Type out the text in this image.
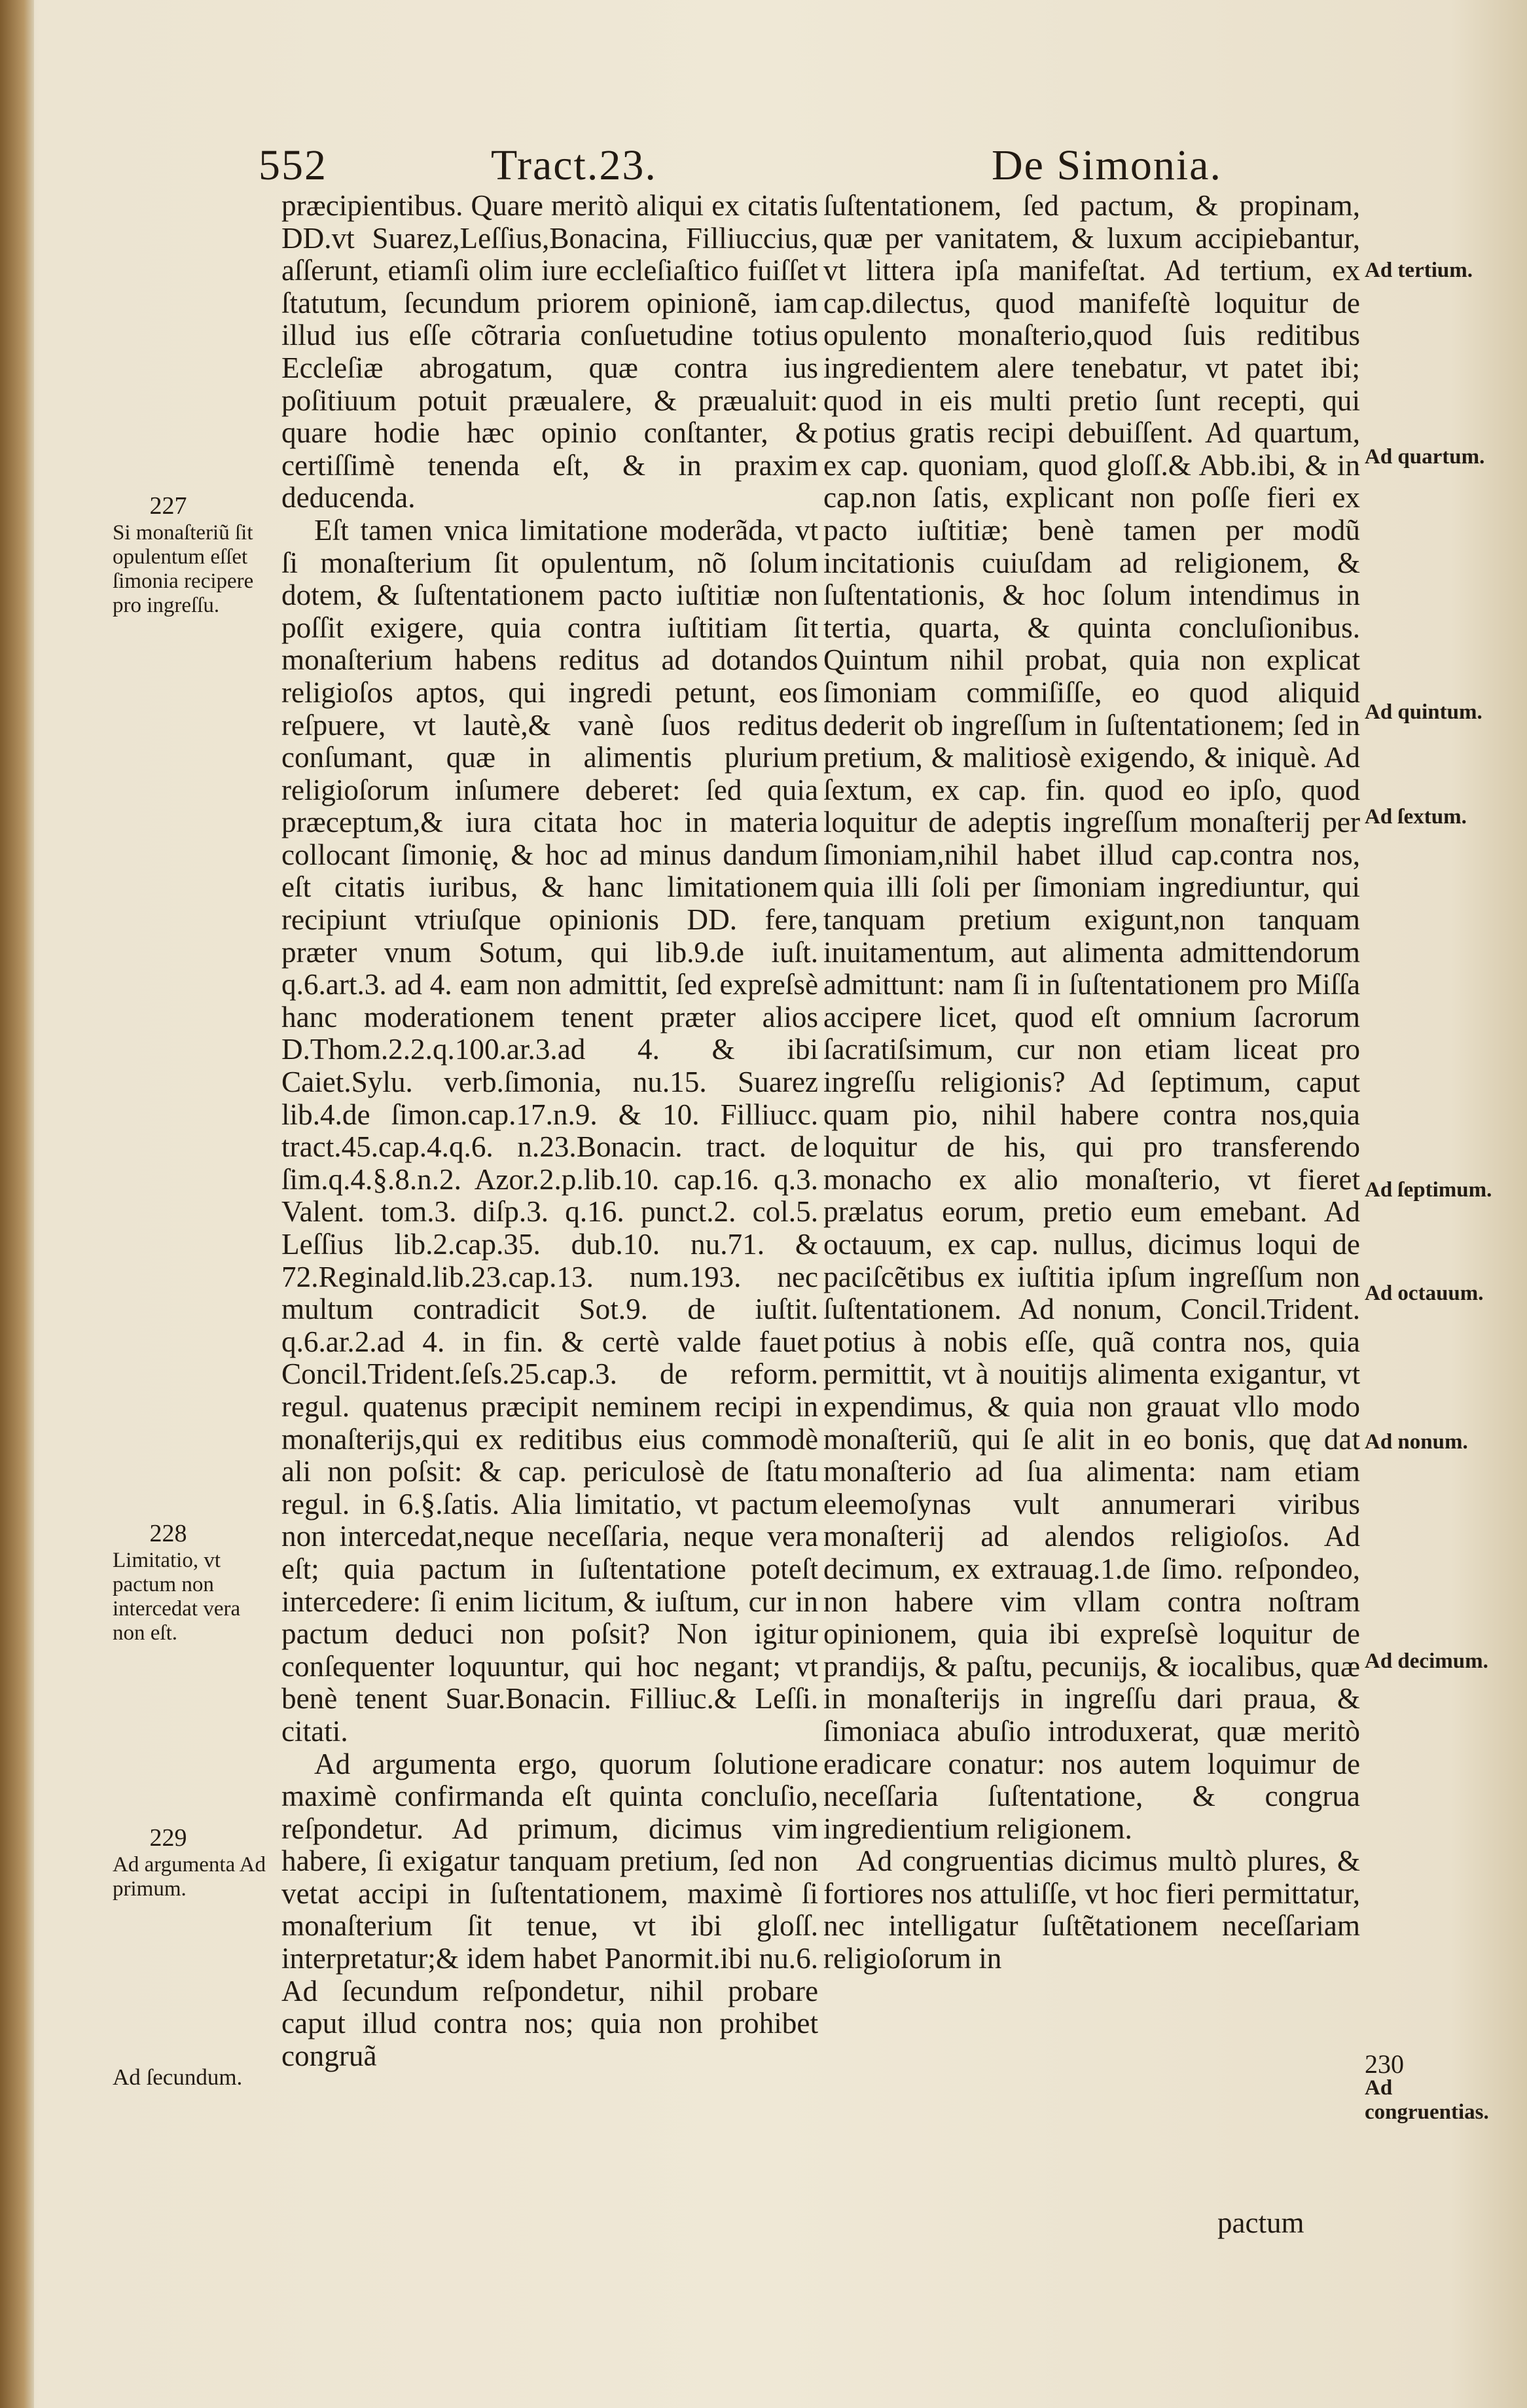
552	Tract.23.	De Simonia.

præcipientibus. Quare meritò aliqui ex citatis DD.vt Suarez,Leſſius,Bonacina, Filliuccius, aſſerunt, etiamſi olim iure eccleſiaſtico fuiſſet ſtatutum, ſecundum priorem opinionẽ, iam illud ius eſſe cõtraria conſuetudine totius Eccleſiæ abrogatum, quæ contra ius poſitiuum potuit præualere, & præualuit: quare hodie hæc opinio conſtanter, & certiſſimè tenenda eſt, & in praxim deducenda.

Eſt tamen vnica limitatione moderãda, vt ſi monaſterium ſit opulentum, nõ ſolum dotem, & ſuſtentationem pacto iuſtitiæ non poſſit exigere, quia contra iuſtitiam ſit monaſterium habens reditus ad dotandos religioſos aptos, qui ingredi petunt, eos reſpuere, vt lautè,& vanè ſuos reditus conſumant, quæ in alimentis plurium religioſorum inſumere deberet: ſed quia præceptum,& iura citata hoc in materia collocant ſimonię, & hoc ad minus dandum eſt citatis iuribus, & hanc limitationem recipiunt vtriuſque opinionis DD. fere, præter vnum Sotum, qui lib.9.de iuſt. q.6.art.3. ad 4. eam non admittit, ſed expreſsè hanc moderationem tenent præter alios D.Thom.2.2.q.100.ar.3.ad 4. & ibi Caiet.Sylu. verb.ſimonia, nu.15. Suarez lib.4.de ſimon.cap.17.n.9. & 10. Filliucc. tract.45.cap.4.q.6. n.23.Bonacin. tract. de ſim.q.4.§.8.n.2. Azor.2.p.lib.10. cap.16. q.3. Valent. tom.3. diſp.3. q.16. punct.2. col.5. Leſſius lib.2.cap.35. dub.10. nu.71. & 72.Reginald.lib.23.cap.13. num.193. nec multum contradicit Sot.9. de iuſtit. q.6.ar.2.ad 4. in fin. & certè valde fauet Concil.Trident.ſeſs.25.cap.3. de reform. regul. quatenus præcipit neminem recipi in monaſterijs,qui ex reditibus eius commodè ali non poſsit: & cap. periculosè de ſtatu regul. in 6.§.ſatis. Alia limitatio, vt pactum non intercedat,neque neceſſaria, neque vera eſt; quia pactum in ſuſtentatione poteſt intercedere: ſi enim licitum, & iuſtum, cur in pactum deduci non poſsit? Non igitur conſequenter loquuntur, qui hoc negant; vt benè tenent Suar.Bonacin. Filliuc.& Leſſi. citati.

Ad argumenta ergo, quorum ſolutione maximè confirmanda eſt quinta concluſio, reſpondetur. Ad primum, dicimus vim habere, ſi exigatur tanquam pretium, ſed non vetat accipi in ſuſtentationem, maximè ſi monaſterium ſit tenue, vt ibi gloſſ. interpretatur;& idem habet Panormit.ibi nu.6. Ad ſecundum reſpondetur, nihil probare caput illud contra nos; quia non prohibet congruã

ſuſtentationem, ſed pactum, & propinam, quæ per vanitatem, & luxum accipiebantur, vt littera ipſa manifeſtat. Ad tertium, ex cap.dilectus, quod manifeſtè loquitur de opulento monaſterio,quod ſuis reditibus ingredientem alere tenebatur, vt patet ibi; quod in eis multi pretio ſunt recepti, qui potius gratis recipi debuiſſent. Ad quartum, ex cap. quoniam, quod gloſſ.& Abb.ibi, & in cap.non ſatis, explicant non poſſe fieri ex pacto iuſtitiæ; benè tamen per modũ incitationis cuiuſdam ad religionem, & ſuſtentationis, & hoc ſolum intendimus in tertia, quarta, & quinta concluſionibus. Quintum nihil probat, quia non explicat ſimoniam commiſiſſe, eo quod aliquid dederit ob ingreſſum in ſuſtentationem; ſed in pretium, & malitiosè exigendo, & iniquè. Ad ſextum, ex cap. fin. quod eo ipſo, quod loquitur de adeptis ingreſſum monaſterij per ſimoniam,nihil habet illud cap.contra nos, quia illi ſoli per ſimoniam ingrediuntur, qui tanquam pretium exigunt,non tanquam inuitamentum, aut alimenta admittendorum admittunt: nam ſi in ſuſtentationem pro Miſſa accipere licet, quod eſt omnium ſacrorum ſacratiſsimum, cur non etiam liceat pro ingreſſu religionis? Ad ſeptimum, caput quam pio, nihil habere contra nos,quia loquitur de his, qui pro transferendo monacho ex alio monaſterio, vt fieret prælatus eorum, pretio eum emebant. Ad octauum, ex cap. nullus, dicimus loqui de paciſcẽtibus ex iuſtitia ipſum ingreſſum non ſuſtentationem. Ad nonum, Concil.Trident. potius à nobis eſſe, quã contra nos, quia permittit, vt à nouitijs alimenta exigantur, vt expendimus, & quia non grauat vllo modo monaſteriũ, qui ſe alit in eo bonis, quę dat monaſterio ad ſua alimenta: nam etiam eleemoſynas vult annumerari viribus monaſterij ad alendos religioſos. Ad decimum, ex extrauag.1.de ſimo. reſpondeo, non habere vim vllam contra noſtram opinionem, quia ibi expreſsè loquitur de prandijs, & paſtu, pecunijs, & iocalibus, quæ in monaſterijs in ingreſſu dari praua, & ſimoniaca abuſio introduxerat, quæ meritò eradicare conatur: nos autem loquimur de neceſſaria ſuſtentatione, & congrua ingredientium religionem.

Ad congruentias dicimus multò plures, & fortiores nos attuliſſe, vt hoc fieri permittatur, nec intelligatur ſuſtẽtationem neceſſariam religioſorum in

pactum
227
Si monaſteriũ ſit opulentum eſſet ſimonia recipere pro ingreſſu.
228
Limitatio, vt pactum non intercedat vera non eſt.
229
Ad argumenta Ad primum.
Ad ſecundum.
Ad tertium.
Ad quartum.
Ad quintum.
Ad ſextum.
Ad ſeptimum.
Ad octauum.
Ad nonum.
Ad decimum.
230
Ad congruentias.
